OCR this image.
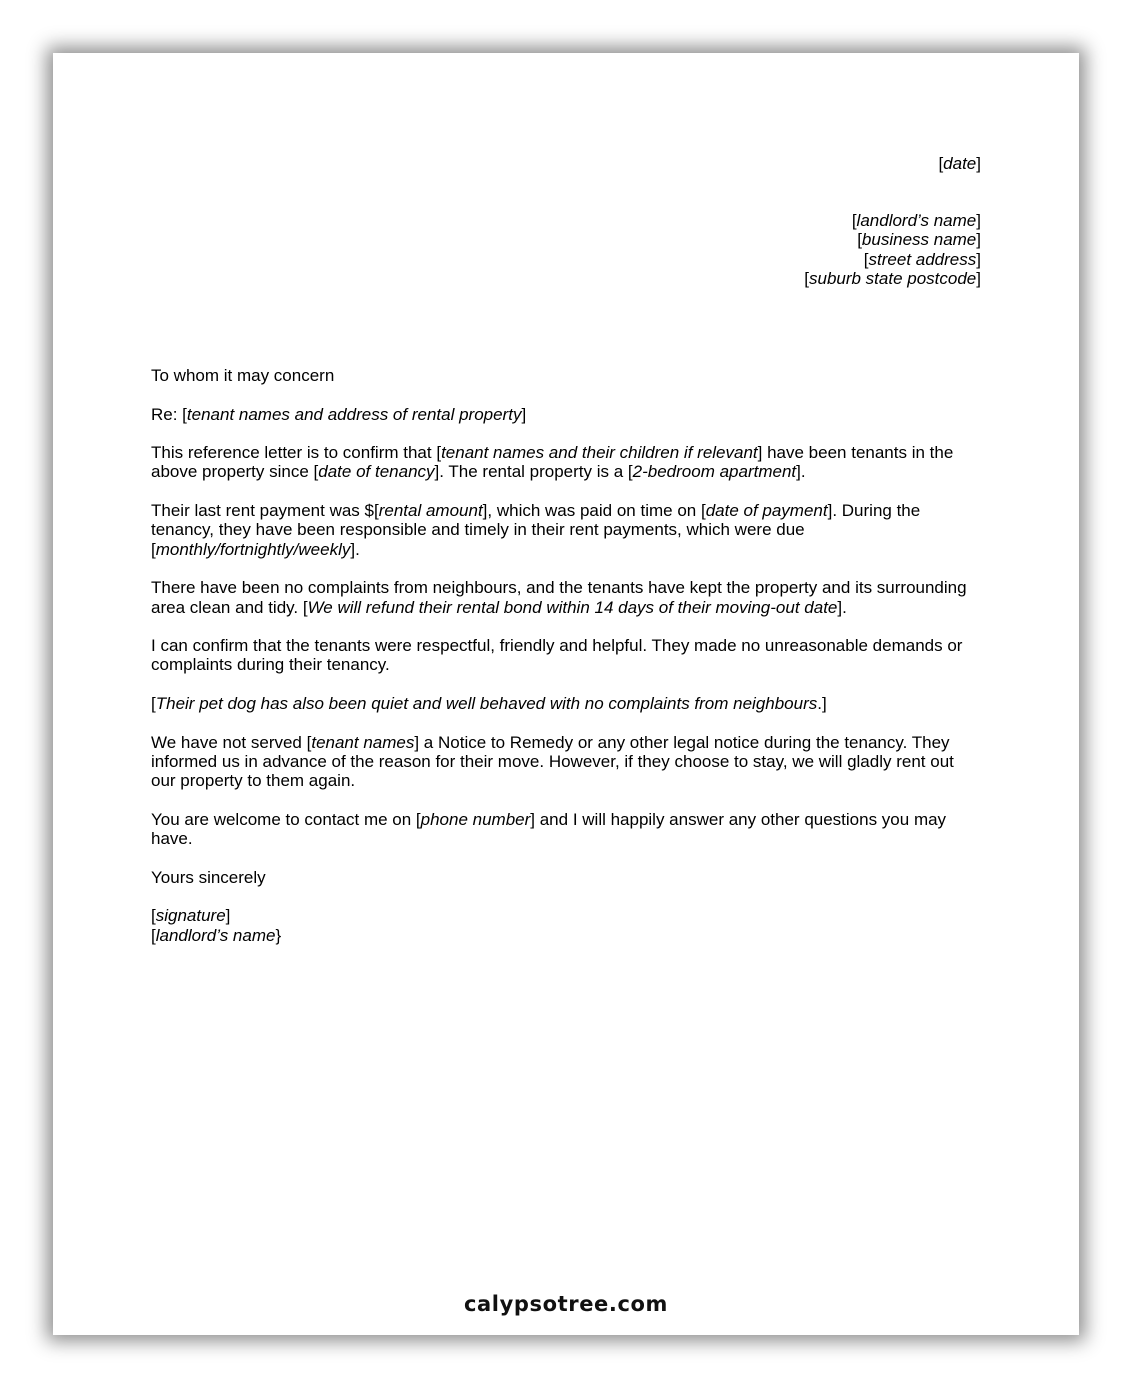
[date]
[landlord’s name]
[business name]
[street address]
[suburb state postcode]

To whom it may concern

Re: [tenant names and address of rental property]

This reference letter is to confirm that [tenant names and their children if relevant] have been tenants in the above property since [date of tenancy]. The rental property is a [2-bedroom apartment].

Their last rent payment was $[rental amount], which was paid on time on [date of payment]. During the tenancy, they have been responsible and timely in their rent payments, which were due [monthly/fortnightly/weekly].

There have been no complaints from neighbours, and the tenants have kept the property and its surrounding area clean and tidy. [We will refund their rental bond within 14 days of their moving-out date].

I can confirm that the tenants were respectful, friendly and helpful. They made no unreasonable demands or complaints during their tenancy.

[Their pet dog has also been quiet and well behaved with no complaints from neighbours.]

We have not served [tenant names] a Notice to Remedy or any other legal notice during the tenancy. They informed us in advance of the reason for their move. However, if they choose to stay, we will gladly rent out our property to them again.

You are welcome to contact me on [phone number] and I will happily answer any other questions you may have.

Yours sincerely

[signature]
[landlord’s name}
calypsotree.com
